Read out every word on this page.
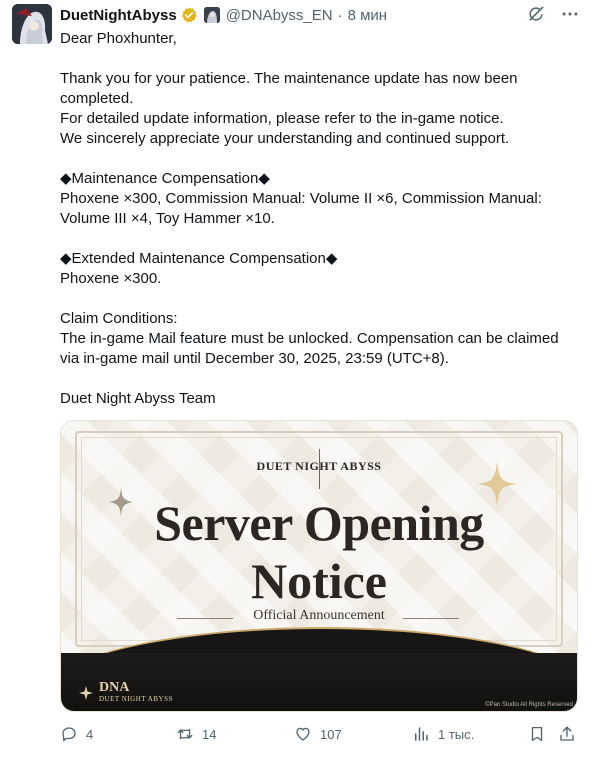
DuetNightAbyss	@DNAbyss_EN · 8 мин

Dear Phoxhunter,

Thank you for your patience. The maintenance update has now been completed.

For detailed update information, please refer to the in-game notice.

We sincerely appreciate your understanding and continued support.

◆Maintenance Compensation◆

Phoxene ×300, Commission Manual: Volume II ×6, Commission Manual: Volume III ×4, Toy Hammer ×10.

◆Extended Maintenance Compensation◆

Phoxene ×300.

Claim Conditions:

The in-game Mail feature must be unlocked. Compensation can be claimed via in-game mail until December 30, 2025, 23:59 (UTC+8).

Duet Night Abyss Team

DUET NIGHT ABYSS
Server Opening
Notice
Official Announcement
DNA
DUET NIGHT ABYSS
©Pan Studio All Rights Reserved
4	14	107	1 тыс.
